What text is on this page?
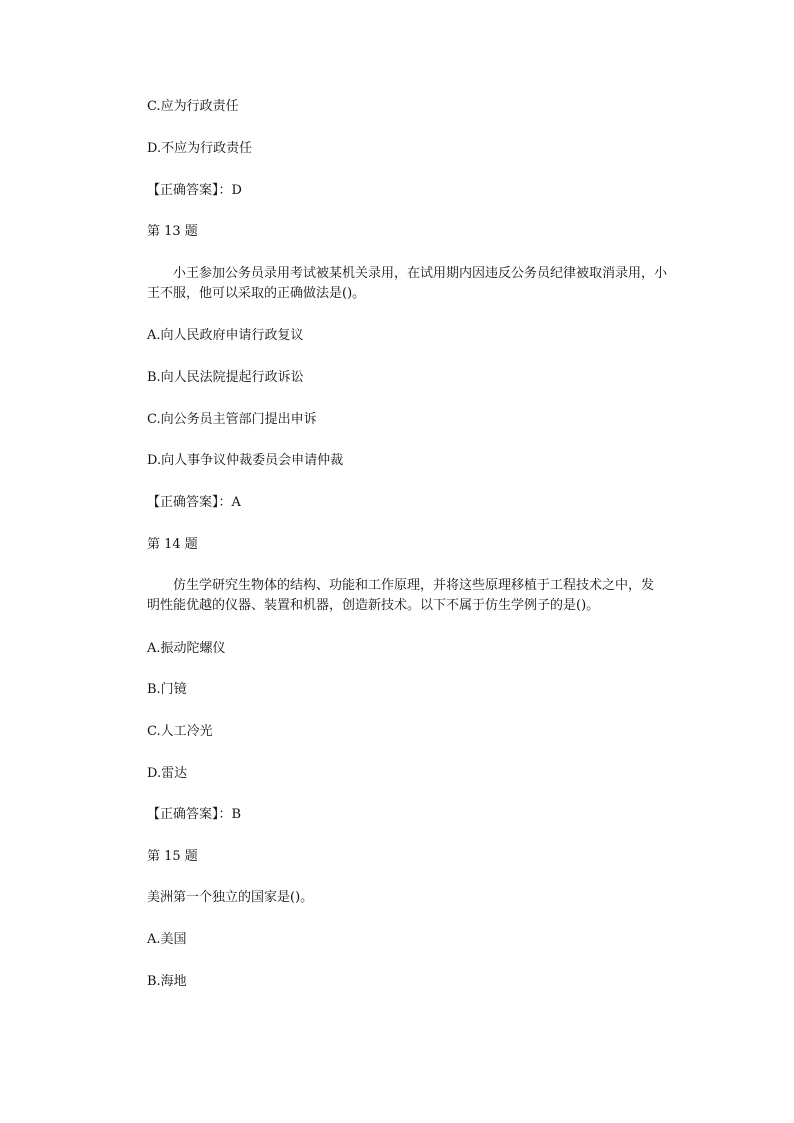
C.应为行政责任

D.不应为行政责任

【正确答案】：D

第 13 题

小王参加公务员录用考试被某机关录用，在试用期内因违反公务员纪律被取消录用，小
王不服，他可以采取的正确做法是()。

A.向人民政府申请行政复议

B.向人民法院提起行政诉讼

C.向公务员主管部门提出申诉

D.向人事争议仲裁委员会申请仲裁

【正确答案】：A

第 14 题

仿生学研究生物体的结构、功能和工作原理，并将这些原理移植于工程技术之中，发
明性能优越的仪器、装置和机器，创造新技术。以下不属于仿生学例子的是()。

A.振动陀螺仪

B.门镜

C.人工冷光

D.雷达

【正确答案】：B

第 15 题

美洲第一个独立的国家是()。

A.美国

B.海地
